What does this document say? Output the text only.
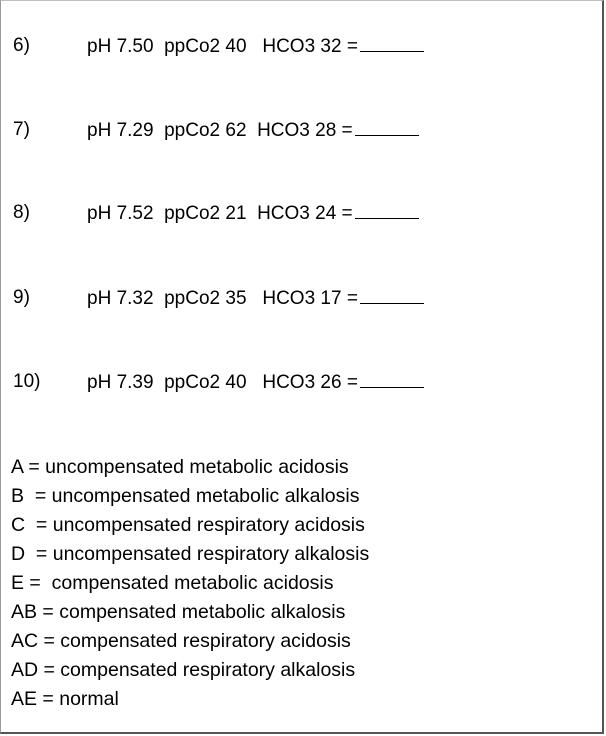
6)

	pH 7.50  ppCo2 40   HCO3 32 =

7)

	pH 7.29  ppCo2 62  HCO3 28 =

8)

	pH 7.52  ppCo2 21  HCO3 24 =

9)

	pH 7.32  ppCo2 35   HCO3 17 =

10)

pH 7.39  ppCo2 40   HCO3 26 =

A = uncompensated metabolic acidosis
B  = uncompensated metabolic alkalosis
C  = uncompensated respiratory acidosis
D  = uncompensated respiratory alkalosis
E =  compensated metabolic acidosis
AB = compensated metabolic alkalosis
AC = compensated respiratory acidosis
AD = compensated respiratory alkalosis
AE = normal
